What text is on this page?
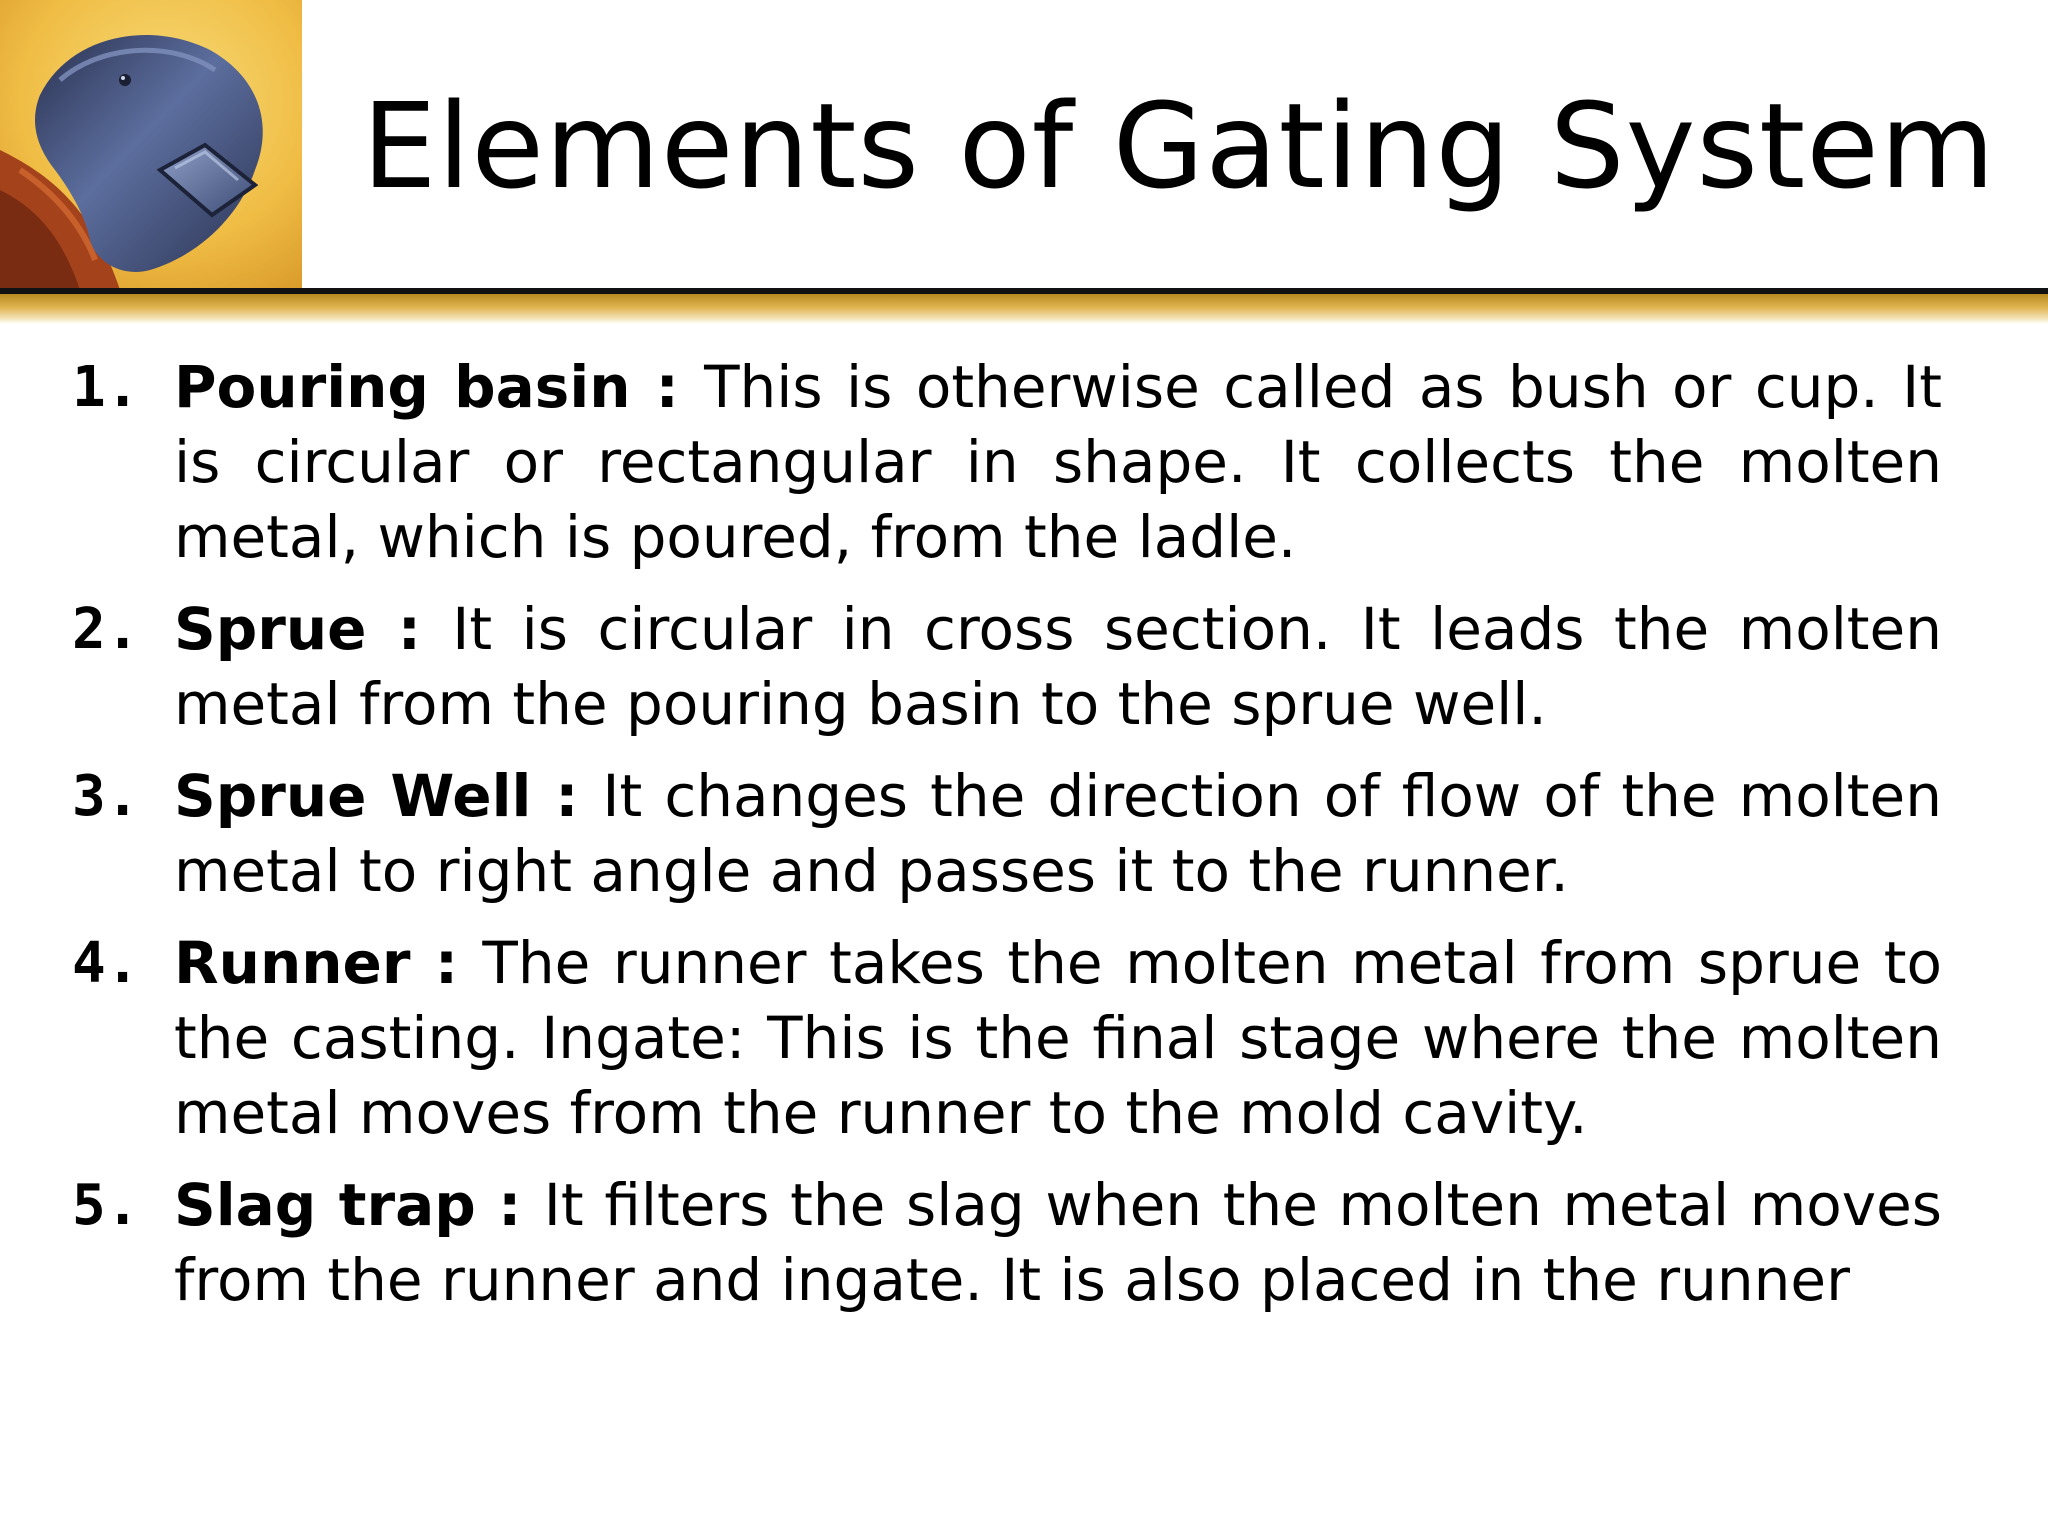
Elements of Gating System
1. Pouring basin : This is otherwise called as bush or cup. It is circular or rectangular in shape. It collects the molten metal, which is poured, from the ladle.
2. Sprue : It is circular in cross section. It leads the molten metal from the pouring basin to the sprue well.
3. Sprue Well : It changes the direction of flow of the molten metal to right angle and passes it to the runner.
4. Runner : The runner takes the molten metal from sprue to the casting. Ingate: This is the final stage where the molten metal moves from the runner to the mold cavity.
5. Slag trap : It filters the slag when the molten metal moves from the runner and ingate. It is also placed in the runner
